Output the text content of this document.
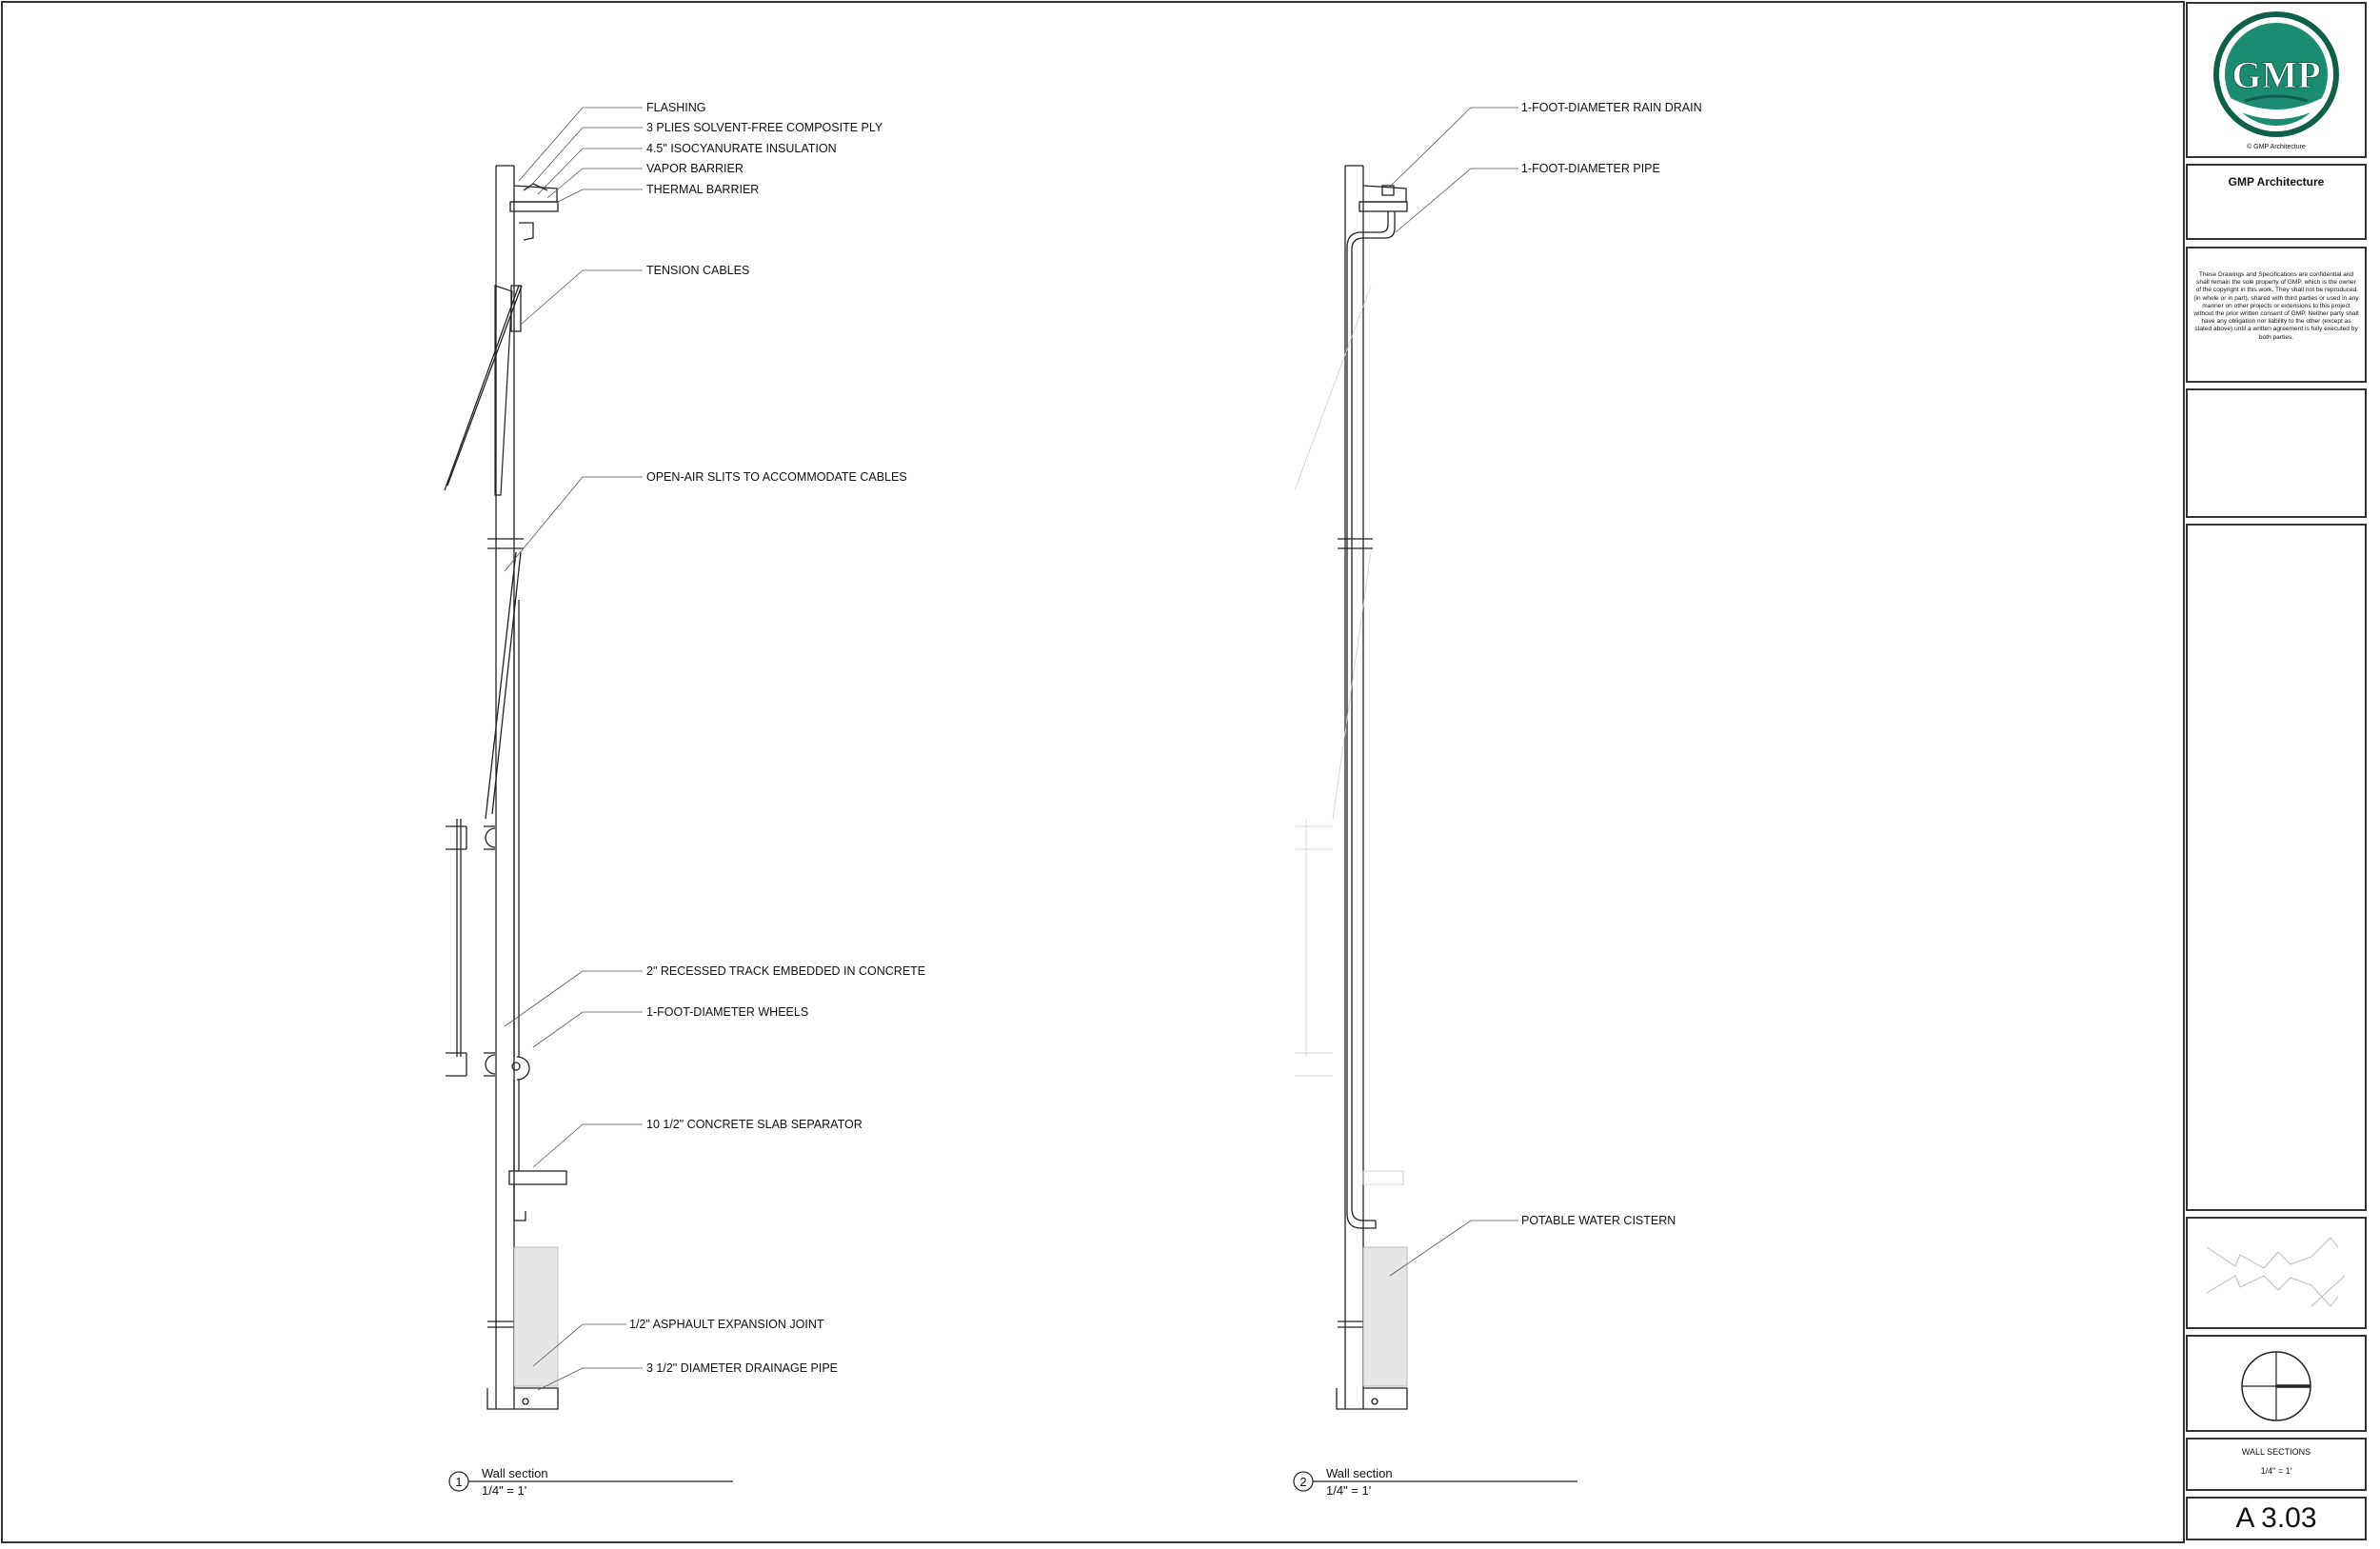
FLASHING
3 PLIES SOLVENT-FREE COMPOSITE PLY
4.5" ISOCYANURATE INSULATION
VAPOR BARRIER
THERMAL BARRIER
TENSION CABLES
OPEN-AIR SLITS TO ACCOMMODATE CABLES
2" RECESSED TRACK EMBEDDED IN CONCRETE
1-FOOT-DIAMETER WHEELS
10 1/2" CONCRETE SLAB SEPARATOR
1/2" ASPHAULT EXPANSION JOINT
3 1/2" DIAMETER DRAINAGE PIPE
1
Wall section
1/4" = 1'
1-FOOT-DIAMETER RAIN DRAIN
1-FOOT-DIAMETER PIPE
POTABLE WATER CISTERN
2
Wall section
1/4" = 1'
GMP
© GMP Architecture
GMP Architecture
These Drawings and Specifications are confidential and shall remain the sole property of GMP, which is the owner of the copyright in this work. They shall not be reproduced (in whole or in part), shared with third parties or used in any manner on other projects or extensions to this project without the prior written consent of GMP. Neither party shall have any obligation nor liability to the other (except as stated above) until a written agreement is fully executed by both parties.
WALL SECTIONS
1/4" = 1'
A 3.03
